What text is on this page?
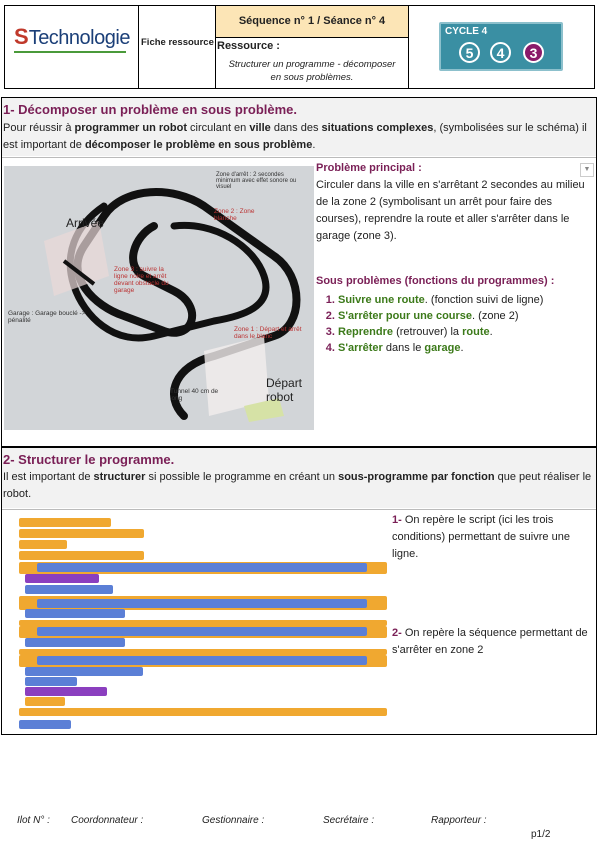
STechnologie Fiche ressource
Séquence n° 1 / Séance n° 4
Ressource :
Structurer un programme - décomposer
en sous problèmes.
CYCLE 4
5	4	3
1- Décomposer un problème en sous problème.
Pour réussir à programmer un robot circulant en ville dans des situations complexes, (symbolisées sur le schéma) il est important de décomposer le problème en sous problème.
Zone d'arrêt : 2 secondes minimum avec effet sonore ou visuel
Zone 2 : Zone blanche
Arrivée
Zone 3 : suivre la ligne noire et arrêt devant obstacle du garage
Garage : Garage bouclé -> pénalité
Zone 1 : Départ et arrêt dans le blanc
Tunnel 40 cm de long
Départ robot
Problème principal :
Circuler dans la ville en s'arrêtant 2 secondes au milieu de la zone 2 (symbolisant un arrêt pour faire des courses), reprendre la route et aller s'arrêter dans le garage (zone 3).
Sous problèmes (fonctions du programmes) :
1. Suivre une route. (fonction suivi de ligne)
2. S'arrêter pour une course. (zone 2)
3. Reprendre (retrouver) la route.
4. S'arrêter dans le garage.
▼
2- Structurer le programme.
Il est important de structurer si possible le programme en créant un sous-programme par fonction que peut réaliser le robot.
1- On repère le script (ici les trois conditions) permettant de suivre une ligne.
2- On repère la séquence permettant de s'arrêter en zone 2
Ilot N° : Coordonnateur :	Gestionnaire :	Secrétaire :	Rapporteur :
p1/2
